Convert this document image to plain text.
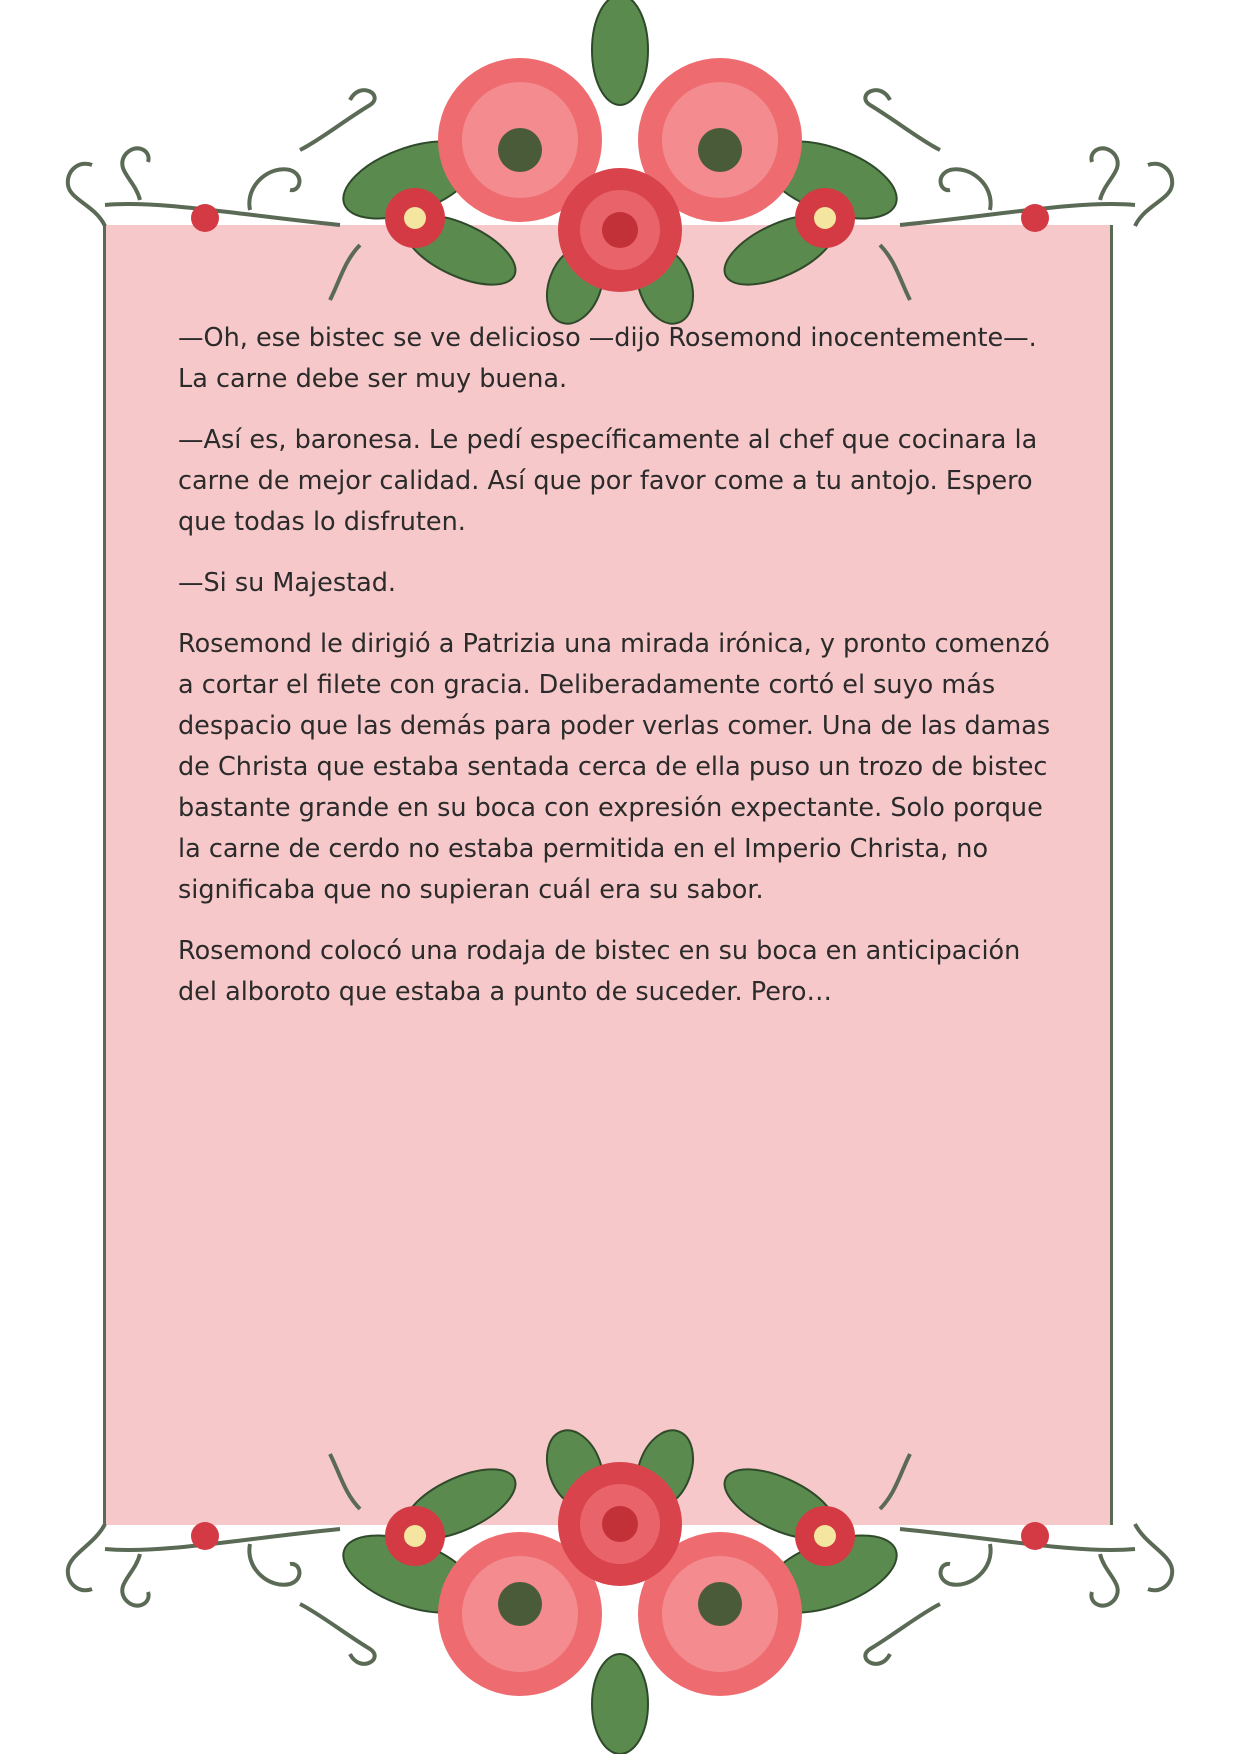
—Oh, ese bistec se ve delicioso —dijo Rosemond inocentemente—. La carne debe ser muy buena.

—Así es, baronesa. Le pedí específicamente al chef que cocinara la carne de mejor calidad. Así que por favor come a tu antojo. Espero que todas lo disfruten.

—Si su Majestad.

Rosemond le dirigió a Patrizia una mirada irónica, y pronto comenzó a cortar el filete con gracia. Deliberadamente cortó el suyo más despacio que las demás para poder verlas comer. Una de las damas de Christa que estaba sentada cerca de ella puso un trozo de bistec bastante grande en su boca con expresión expectante. Solo porque la carne de cerdo no estaba permitida en el Imperio Christa, no significaba que no supieran cuál era su sabor.

Rosemond colocó una rodaja de bistec en su boca en anticipación del alboroto que estaba a punto de suceder. Pero…
